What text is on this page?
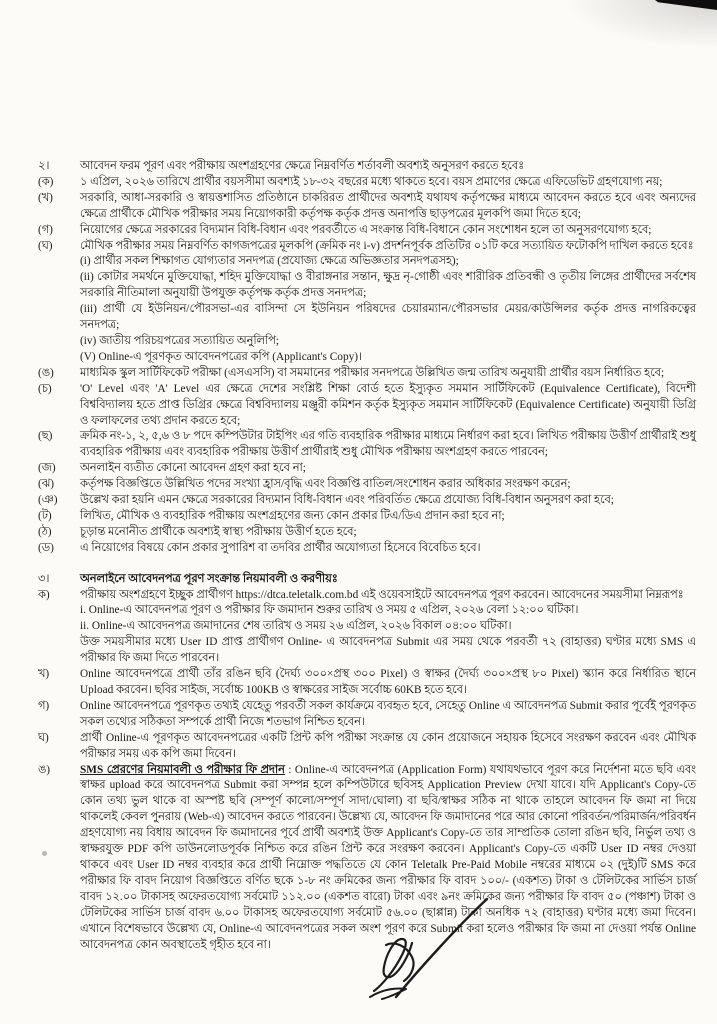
২।	আবেদন ফরম পূরণ এবং পরীক্ষায় অংশগ্রহণের ক্ষেত্রে নিম্নবর্ণিত শর্তাবলী অবশ্যই অনুসরণ করতে হবেঃ
(ক)	১ এপ্রিল, ২০২৬ তারিখে প্রার্থীর বয়সসীমা অবশ্যই ১৮-৩২ বছরের মধ্যে থাকতে হবে। বয়স প্রমাণের ক্ষেত্রে এফিডেভিট গ্রহণযোগ্য নয়;
(খ)	সরকারি, আধা-সরকারি ও স্বায়ত্তশাসিত প্রতিষ্ঠানে চাকরিরত প্রার্থীদের অবশ্যই যথাযথ কর্তৃপক্ষের মাধ্যমে আবেদন করতে হবে এবং অন্যদের ক্ষেত্রে প্রার্থীকে মৌখিক পরীক্ষার সময় নিয়োগকারী কর্তৃপক্ষ কর্তৃক প্রদত্ত অনাপত্তি ছাড়পত্রের মূলকপি জমা দিতে হবে;
(গ)	নিয়োগের ক্ষেত্রে সরকারের বিদ্যমান বিধি-বিধান এবং পরবর্তীতে এ সংক্রান্ত বিধি-বিধানে কোন সংশোধন হলে তা অনুসরণযোগ্য হবে;
(ঘ)	মৌখিক পরীক্ষার সময় নিম্নবর্ণিত কাগজপত্রের মূলকপি (ক্রমিক নং i-v) প্রদর্শনপূর্বক প্রতিটির ০১টি করে সত্যায়িত ফটোকপি দাখিল করতে হবেঃ
(i) প্রার্থীর সকল শিক্ষাগত যোগ্যতার সনদপত্র (প্রযোজ্য ক্ষেত্রে অভিজ্ঞতার সনদপত্রসহ);
(ii) কোটার সমর্থনে মুক্তিযোদ্ধা, শহিদ মুক্তিযোদ্ধা ও বীরাঙ্গনার সন্তান, ক্ষুদ্র নৃ-গোষ্ঠী এবং শারীরিক প্রতিবন্ধী ও তৃতীয় লিঙ্গের প্রার্থীদের সর্বশেষ সরকারি নীতিমালা অনুযায়ী উপযুক্ত কর্তৃপক্ষ কর্তৃক প্রদত্ত সনদপত্র;
(iii) প্রার্থী যে ইউনিয়ন/পৌরসভা-এর বাসিন্দা সে ইউনিয়ন পরিষদের চেয়ারম্যান/পৌরসভার মেয়র/কাউন্সিলর কর্তৃক প্রদত্ত নাগরিকত্বের সনদপত্র;
(iv) জাতীয় পরিচয়পত্রের সত্যায়িত অনুলিপি;
(V) Online-এ পূরণকৃত আবেদনপত্রের কপি (Applicant's Copy)।
(ঙ)	মাধ্যমিক স্কুল সার্টিফিকেট পরীক্ষা (এসএসসি) বা সমমানের পরীক্ষার সনদপত্রে উল্লিখিত জন্ম তারিখ অনুযায়ী প্রার্থীর বয়স নির্ধারিত হবে;
(চ)	'O' Level এবং 'A' Level এর ক্ষেত্রে দেশের সংশ্লিষ্ট শিক্ষা বোর্ড হতে ইস্যুকৃত সমমান সার্টিফিকেট (Equivalence Certificate), বিদেশী বিশ্ববিদ্যালয় হতে প্রাপ্ত ডিগ্রির ক্ষেত্রে বিশ্ববিদ্যালয় মঞ্জুরী কমিশন কর্তৃক ইস্যুকৃত সমমান সার্টিফিকেট (Equivalence Certificate) অনুযায়ী ডিগ্রি ও ফলাফলের তথ্য প্রদান করতে হবে;
(ছ)	ক্রমিক নং-১, ২, ৫,৬ ও ৮ পদে কম্পিউটার টাইপিং এর গতি ব্যবহারিক পরীক্ষার মাধ্যমে নির্ধারণ করা হবে। লিখিত পরীক্ষায় উত্তীর্ণ প্রার্থীরাই শুধু ব্যবহারিক পরীক্ষায় এবং ব্যবহারিক পরীক্ষায় উত্তীর্ণ প্রার্থীরাই শুধু মৌখিক পরীক্ষায় অংশগ্রহণ করতে পারবেন;
(জ)	অনলাইন ব্যতীত কোনো আবেদন গ্রহণ করা হবে না;
(ঝ)	কর্তৃপক্ষ বিজ্ঞপ্তিতে উল্লিখিত পদের সংখ্যা হ্রাস/বৃদ্ধি এবং বিজ্ঞপ্তি বাতিল/সংশোধন করার অধিকার সংরক্ষণ করেন;
(ঞ)	উল্লেখ করা হয়নি এমন ক্ষেত্রে সরকারের বিদ্যমান বিধি-বিধান এবং পরিবর্তিত ক্ষেত্রে প্রযোজ্য বিধি-বিধান অনুসরণ করা হবে;
(ট)	লিখিত, মৌখিক ও ব্যবহারিক পরীক্ষায় অংশগ্রহণের জন্য কোন প্রকার টিএ/ডিএ প্রদান করা হবে না;
(ঠ)	চূড়ান্ত মনোনীত প্রার্থীকে অবশ্যই স্বাস্থ্য পরীক্ষায় উত্তীর্ণ হতে হবে;
(ড)	এ নিয়োগের বিষয়ে কোন প্রকার সুপারিশ বা তদবির প্রার্থীর অযোগ্যতা হিসেবে বিবেচিত হবে।
৩।	অনলাইনে আবেদনপত্র পূরণ সংক্রান্ত নিয়মাবলী ও করণীয়ঃ
ক)	পরীক্ষায় অংশগ্রহণে ইচ্ছুক প্রার্থীগণ https://dtca.teletalk.com.bd এই ওয়েবসাইটে আবেদনপত্র পূরণ করবেন। আবেদনের সময়সীমা নিম্নরূপঃ
i. Online-এ আবেদনপত্র পূরণ ও পরীক্ষার ফি জমাদান শুরুর তারিখ ও সময় ৫ এপ্রিল, ২০২৬ বেলা ১২:০০ ঘটিকা।
ii. Online-এ আবেদনপত্র জমাদানের শেষ তারিখ ও সময় ২৬ এপ্রিল, ২০২৬ বিকাল ০৪:০০ ঘটিকা।
উক্ত সময়সীমার মধ্যে User ID প্রাপ্ত প্রার্থীগণ Online- এ আবেদনপত্র Submit এর সময় থেকে পরবর্তী ৭২ (বাহাত্তর) ঘণ্টার মধ্যে SMS এ পরীক্ষার ফি জমা দিতে পারবেন।
খ)	Online আবেদনপত্রে প্রার্থী তাঁর রঙিন ছবি (দৈর্ঘ্য ৩০০×প্রস্থ ৩০০ Pixel) ও স্বাক্ষর (দৈর্ঘ্য ৩০০×প্রস্থ ৮০ Pixel) স্ক্যান করে নির্ধারিত স্থানে Upload করবেন। ছবির সাইজ, সর্বোচ্চ 100KB ও স্বাক্ষরের সাইজ সর্বোচ্চ 60KB হতে হবে।
গ)	Online আবেদনপত্রে পূরণকৃত তথ্যই যেহেতু পরবর্তী সকল কার্যক্রমে ব্যবহৃত হবে, সেহেতু Online এ আবেদনপত্র Submit করার পূর্বেই পূরণকৃত সকল তথ্যের সঠিকতা সম্পর্কে প্রার্থী নিজে শতভাগ নিশ্চিত হবেন।
ঘ)	প্রার্থী Online-এ পূরণকৃত আবেদনপত্রের একটি প্রিন্ট কপি পরীক্ষা সংক্রান্ত যে কোন প্রয়োজনে সহায়ক হিসেবে সংরক্ষণ করবেন এবং মৌখিক পরীক্ষার সময় এক কপি জমা দিবেন।
ঙ)	SMS প্রেরণের নিয়মাবলী ও পরীক্ষার ফি প্রদান : Online-এ আবেদনপত্র (Application Form) যথাযথভাবে পূরণ করে নির্দেশনা মতে ছবি এবং স্বাক্ষর upload করে আবেদনপত্র Submit করা সম্পন্ন হলে কম্পিউটারে ছবিসহ Application Preview দেখা যাবে। যদি Applicant's Copy-তে কোন তথ্য ভুল থাকে বা অস্পষ্ট ছবি (সম্পূর্ণ কালো/সম্পূর্ণ সাদা/ঘোলা) বা ছবি/স্বাক্ষর সঠিক না থাকে তাহলে আবেদন ফি জমা না দিয়ে থাকলেই কেবল পুনরায় (Web-এ) আবেদন করতে পারবেন। উল্লেখ্য যে, আবেদন ফি জমাদানের পরে আর কোনো পরিবর্তন/পরিমার্জন/পরিবর্ধন গ্রহণযোগ্য নয় বিধায় আবেদন ফি জমাদানের পূর্বে প্রার্থী অবশ্যই উক্ত Applicant's Copy-তে তার সাম্প্রতিক তোলা রঙিন ছবি, নির্ভুল তথ্য ও স্বাক্ষরযুক্ত PDF কপি ডাউনলোডপূর্বক নিশ্চিত করে রঙিন প্রিন্ট করে সংরক্ষণ করবেন। Applicant's Copy-তে একটি User ID নম্বর দেওয়া থাকবে এবং User ID নম্বর ব্যবহার করে প্রার্থী নিম্নোক্ত পদ্ধতিতে যে কোন Teletalk Pre-Paid Mobile নম্বরের মাধ্যমে ০২ (দুই)টি SMS করে পরীক্ষার ফি বাবদ নিয়োগ বিজ্ঞপ্তিতে বর্ণিত ছকে ১-৮ নং ক্রমিকের জন্য পরীক্ষার ফি বাবদ ১০০/- (একশত) টাকা ও টেলিটকের সার্ভিস চার্জ বাবদ ১২.০০ টাকাসহ অফেরতযোগ্য সর্বমোট ১১২.০০ (একশত বারো) টাকা এবং ৯নং ক্রমিকের জন্য পরীক্ষার ফি বাবদ ৫০ (পঞ্চাশ) টাকা ও টেলিটকের সার্ভিস চার্জ বাবদ ৬.০০ টাকাসহ অফেরতযোগ্য সর্বমোট ৫৬.০০ (ছাপ্পান্ন) টাকা অনধিক ৭২ (বাহাত্তর) ঘণ্টার মধ্যে জমা দিবেন। এখানে বিশেষভাবে উল্লেখ্য যে, Online-এ আবেদনপত্রের সকল অংশ পূরণ করে Submit করা হলেও পরীক্ষার ফি জমা না দেওয়া পর্যন্ত Online আবেদনপত্র কোন অবস্থাতেই গৃহীত হবে না।
